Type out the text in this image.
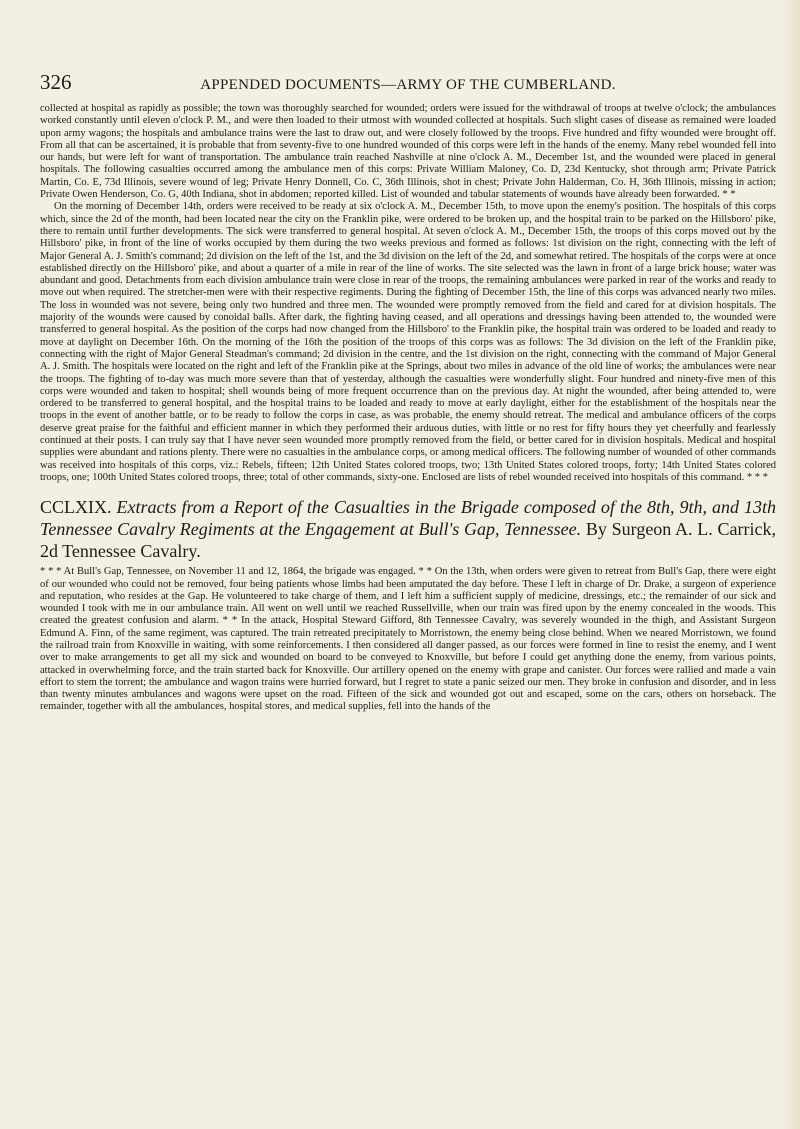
326	APPENDED DOCUMENTS—ARMY OF THE CUMBERLAND.

collected at hospital as rapidly as possible; the town was thoroughly searched for wounded; orders were issued for the withdrawal of troops at twelve o'clock; the ambulances worked constantly until eleven o'clock P. M., and were then loaded to their utmost with wounded collected at hospitals. Such slight cases of disease as remained were loaded upon army wagons; the hospitals and ambulance trains were the last to draw out, and were closely followed by the troops. Five hundred and fifty wounded were brought off. From all that can be ascertained, it is probable that from seventy-five to one hundred wounded of this corps were left in the hands of the enemy. Many rebel wounded fell into our hands, but were left for want of transportation. The ambulance train reached Nashville at nine o'clock A. M., December 1st, and the wounded were placed in general hospitals. The following casualties occurred among the ambulance men of this corps: Private William Maloney, Co. D, 23d Kentucky, shot through arm; Private Patrick Martin, Co. E, 73d Illinois, severe wound of leg; Private Henry Donnell, Co. C, 36th Illinois, shot in chest; Private John Halderman, Co. H, 36th Illinois, missing in action; Private Owen Henderson, Co. G, 40th Indiana, shot in abdomen; reported killed. List of wounded and tabular statements of wounds have already been forwarded. * *

On the morning of December 14th, orders were received to be ready at six o'clock A. M., December 15th, to move upon the enemy's position. The hospitals of this corps which, since the 2d of the month, had been located near the city on the Franklin pike, were ordered to be broken up, and the hospital train to be parked on the Hillsboro' pike, there to remain until further developments. The sick were transferred to general hospital. At seven o'clock A. M., December 15th, the troops of this corps moved out by the Hillsboro' pike, in front of the line of works occupied by them during the two weeks previous and formed as follows: 1st division on the right, connecting with the left of Major General A. J. Smith's command; 2d division on the left of the 1st, and the 3d division on the left of the 2d, and somewhat retired. The hospitals of the corps were at once established directly on the Hillsboro' pike, and about a quarter of a mile in rear of the line of works. The site selected was the lawn in front of a large brick house; water was abundant and good. Detachments from each division ambulance train were close in rear of the troops, the remaining ambulances were parked in rear of the works and ready to move out when required. The stretcher-men were with their respective regiments. During the fighting of December 15th, the line of this corps was advanced nearly two miles. The loss in wounded was not severe, being only two hundred and three men. The wounded were promptly removed from the field and cared for at division hospitals. The majority of the wounds were caused by conoidal balls. After dark, the fighting having ceased, and all operations and dressings having been attended to, the wounded were transferred to general hospital. As the position of the corps had now changed from the Hillsboro' to the Franklin pike, the hospital train was ordered to be loaded and ready to move at daylight on December 16th. On the morning of the 16th the position of the troops of this corps was as follows: The 3d division on the left of the Franklin pike, connecting with the right of Major General Steadman's command; 2d division in the centre, and the 1st division on the right, connecting with the command of Major General A. J. Smith. The hospitals were located on the right and left of the Franklin pike at the Springs, about two miles in advance of the old line of works; the ambulances were near the troops. The fighting of to-day was much more severe than that of yesterday, although the casualties were wonderfully slight. Four hundred and ninety-five men of this corps were wounded and taken to hospital; shell wounds being of more frequent occurrence than on the previous day. At night the wounded, after being attended to, were ordered to be transferred to general hospital, and the hospital trains to be loaded and ready to move at early daylight, either for the establishment of the hospitals near the troops in the event of another battle, or to be ready to follow the corps in case, as was probable, the enemy should retreat. The medical and ambulance officers of the corps deserve great praise for the faithful and efficient manner in which they performed their arduous duties, with little or no rest for fifty hours they yet cheerfully and fearlessly continued at their posts. I can truly say that I have never seen wounded more promptly removed from the field, or better cared for in division hospitals. Medical and hospital supplies were abundant and rations plenty. There were no casualties in the ambulance corps, or among medical officers. The following number of wounded of other commands was received into hospitals of this corps, viz.: Rebels, fifteen; 12th United States colored troops, two; 13th United States colored troops, forty; 14th United States colored troops, one; 100th United States colored troops, three; total of other commands, sixty-one. Enclosed are lists of rebel wounded received into hospitals of this command. * * *

CCLXIX. Extracts from a Report of the Casualties in the Brigade composed of the 8th, 9th, and 13th Tennessee Cavalry Regiments at the Engagement at Bull's Gap, Tennessee. By Surgeon A. L. Carrick, 2d Tennessee Cavalry.

* * * At Bull's Gap, Tennessee, on November 11 and 12, 1864, the brigade was engaged. * * On the 13th, when orders were given to retreat from Bull's Gap, there were eight of our wounded who could not be removed, four being patients whose limbs had been amputated the day before. These I left in charge of Dr. Drake, a surgeon of experience and reputation, who resides at the Gap. He volunteered to take charge of them, and I left him a sufficient supply of medicine, dressings, etc.; the remainder of our sick and wounded I took with me in our ambulance train. All went on well until we reached Russellville, when our train was fired upon by the enemy concealed in the woods. This created the greatest confusion and alarm. * * In the attack, Hospital Steward Gifford, 8th Tennessee Cavalry, was severely wounded in the thigh, and Assistant Surgeon Edmund A. Finn, of the same regiment, was captured. The train retreated precipitately to Morristown, the enemy being close behind. When we neared Morristown, we found the railroad train from Knoxville in waiting, with some reinforcements. I then considered all danger passed, as our forces were formed in line to resist the enemy, and I went over to make arrangements to get all my sick and wounded on board to be conveyed to Knoxville, but before I could get anything done the enemy, from various points, attacked in overwhelming force, and the train started back for Knoxville. Our artillery opened on the enemy with grape and canister. Our forces were rallied and made a vain effort to stem the torrent; the ambulance and wagon trains were hurried forward, but I regret to state a panic seized our men. They broke in confusion and disorder, and in less than twenty minutes ambulances and wagons were upset on the road. Fifteen of the sick and wounded got out and escaped, some on the cars, others on horseback. The remainder, together with all the ambulances, hospital stores, and medical supplies, fell into the hands of the
